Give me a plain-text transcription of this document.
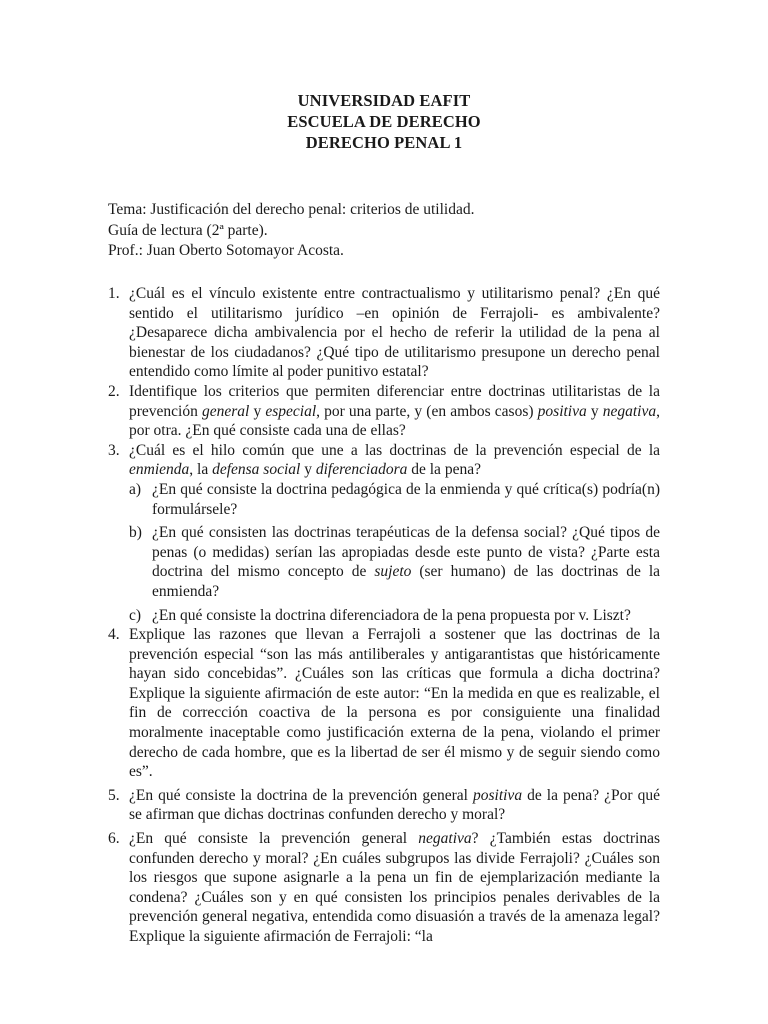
UNIVERSIDAD EAFIT
ESCUELA DE DERECHO
DERECHO PENAL 1
Tema: Justificación del derecho penal: criterios de utilidad.
Guía de lectura (2ª parte).
Prof.: Juan Oberto Sotomayor Acosta.
1. ¿Cuál es el vínculo existente entre contractualismo y utilitarismo penal? ¿En qué sentido el utilitarismo jurídico –en opinión de Ferrajoli- es ambivalente? ¿Desaparece dicha ambivalencia por el hecho de referir la utilidad de la pena al bienestar de los ciudadanos? ¿Qué tipo de utilitarismo presupone un derecho penal entendido como límite al poder punitivo estatal?
2. Identifique los criterios que permiten diferenciar entre doctrinas utilitaristas de la prevención general y especial, por una parte, y (en ambos casos) positiva y negativa, por otra. ¿En qué consiste cada una de ellas?
3. ¿Cuál es el hilo común que une a las doctrinas de la prevención especial de la enmienda, la defensa social y diferenciadora de la pena?
a) ¿En qué consiste la doctrina pedagógica de la enmienda y qué crítica(s) podría(n) formulársele?
b) ¿En qué consisten las doctrinas terapéuticas de la defensa social? ¿Qué tipos de penas (o medidas) serían las apropiadas desde este punto de vista? ¿Parte esta doctrina del mismo concepto de sujeto (ser humano) de las doctrinas de la enmienda?
c) ¿En qué consiste la doctrina diferenciadora de la pena propuesta por v. Liszt?
4. Explique las razones que llevan a Ferrajoli a sostener que las doctrinas de la prevención especial “son las más antiliberales y antigarantistas que históricamente hayan sido concebidas”. ¿Cuáles son las críticas que formula a dicha doctrina? Explique la siguiente afirmación de este autor: “En la medida en que es realizable, el fin de corrección coactiva de la persona es por consiguiente una finalidad moralmente inaceptable como justificación externa de la pena, violando el primer derecho de cada hombre, que es la libertad de ser él mismo y de seguir siendo como es”.
5. ¿En qué consiste la doctrina de la prevención general positiva de la pena? ¿Por qué se afirman que dichas doctrinas confunden derecho y moral?
6. ¿En qué consiste la prevención general negativa? ¿También estas doctrinas confunden derecho y moral? ¿En cuáles subgrupos las divide Ferrajoli? ¿Cuáles son los riesgos que supone asignarle a la pena un fin de ejemplarización mediante la condena? ¿Cuáles son y en qué consisten los principios penales derivables de la prevención general negativa, entendida como disuasión a través de la amenaza legal? Explique la siguiente afirmación de Ferrajoli: “la
